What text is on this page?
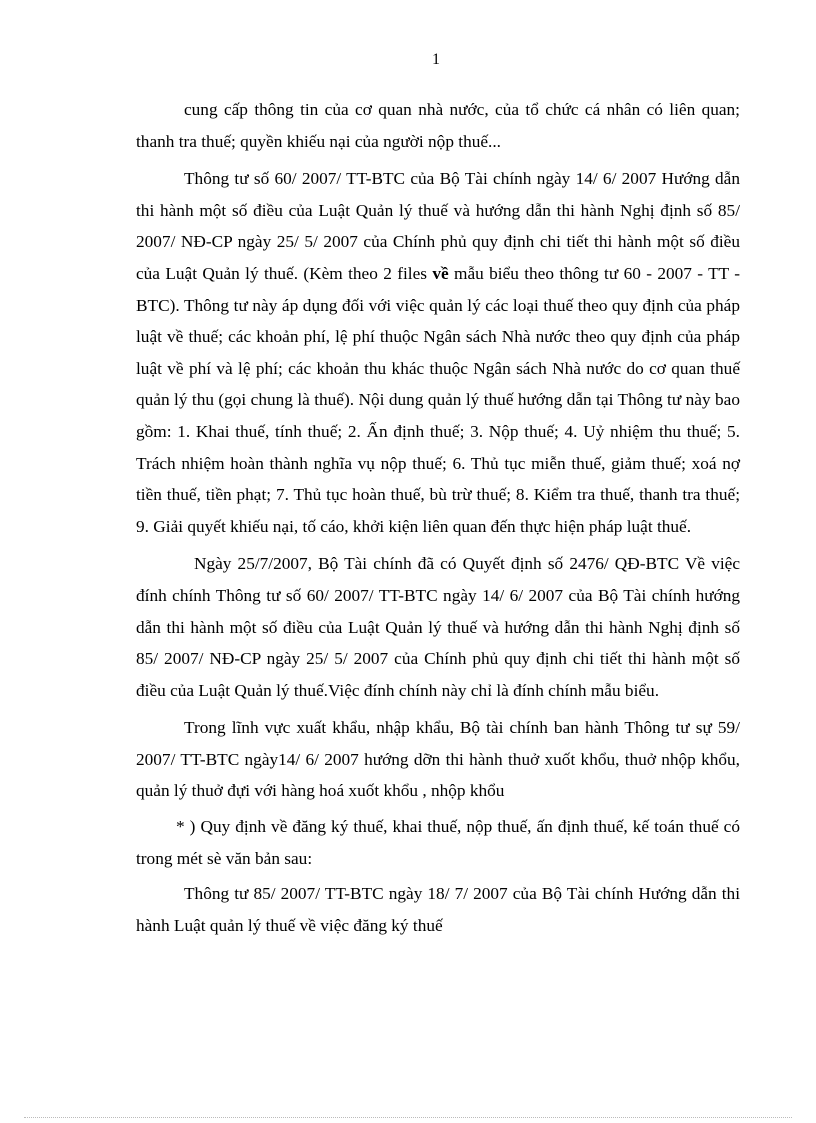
1

cung cấp thông tin của cơ quan nhà nước, của tổ chức cá nhân có liên quan; thanh tra thuế; quyền khiếu nại của người nộp thuế...

Thông tư số 60/ 2007/ TT-BTC của Bộ Tài chính ngày 14/ 6/ 2007 Hướng dẫn thi hành một số điều của Luật Quản lý thuế và hướng dẫn thi hành Nghị định số 85/ 2007/ NĐ-CP ngày 25/ 5/ 2007 của Chính phủ quy định chi tiết thi hành một số điều của Luật Quản lý thuế. (Kèm theo 2 files về mẫu biểu theo thông tư 60 - 2007 - TT - BTC). Thông tư này áp dụng đối với việc quản lý các loại thuế theo quy định của pháp luật về thuế; các khoản phí, lệ phí thuộc Ngân sách Nhà nước theo quy định của pháp luật về phí và lệ phí; các khoản thu khác thuộc Ngân sách Nhà nước do cơ quan thuế quản lý thu (gọi chung là thuế). Nội dung quản lý thuế hướng dẫn tại Thông tư này bao gồm: 1. Khai thuế, tính thuế; 2. Ấn định thuế; 3. Nộp thuế; 4. Uỷ nhiệm thu thuế; 5. Trách nhiệm hoàn thành nghĩa vụ nộp thuế; 6. Thủ tục miễn thuế, giảm thuế; xoá nợ tiền thuế, tiền phạt; 7. Thủ tục hoàn thuế, bù trừ thuế; 8. Kiểm tra thuế, thanh tra thuế; 9. Giải quyết khiếu nại, tố cáo, khởi kiện liên quan đến thực hiện pháp luật thuế.

Ngày 25/7/2007, Bộ Tài chính đã có Quyết định số 2476/ QĐ-BTC Về việc đính chính Thông tư số 60/ 2007/ TT-BTC ngày 14/ 6/ 2007 của Bộ Tài chính hướng dẫn thi hành một số điều của Luật Quản lý thuế và hướng dẫn thi hành Nghị định số 85/ 2007/ NĐ-CP ngày 25/ 5/ 2007 của Chính phủ quy định chi tiết thi hành một số điều của Luật Quản lý thuế.Việc đính chính này chỉ là đính chính mẫu biểu.

Trong lĩnh vực xuất khẩu, nhập khẩu, Bộ tài chính ban hành Thông tư sự 59/ 2007/ TT-BTC ngày14/ 6/ 2007 hướng dỡn thi hành thuở xuốt khổu, thuở nhộp khổu, quản lý thuở đựi với hàng hoá xuốt khổu , nhộp khổu

* ) Quy định về đăng ký thuế, khai thuế, nộp thuế, ấn định thuế, kế toán thuế có trong mét sè văn bản sau:

Thông tư 85/ 2007/ TT-BTC ngày 18/ 7/ 2007 của Bộ Tài chính Hướng dẫn thi hành Luật quản lý thuế về việc đăng ký thuế
